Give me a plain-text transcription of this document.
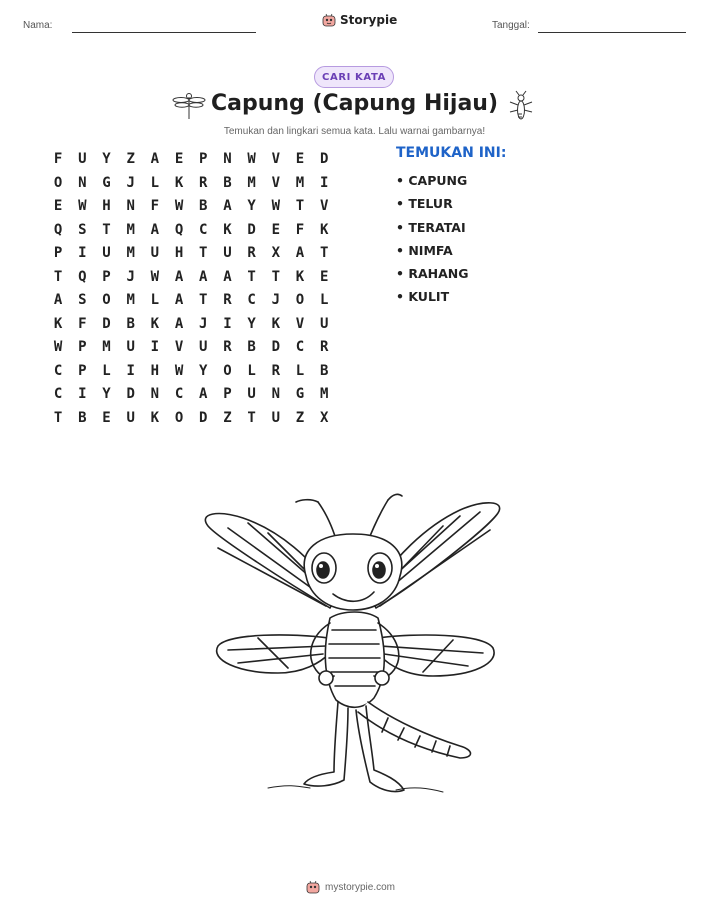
Nama:	Storypie	Tanggal:
CARI KATA
Capung (Capung Hijau)
Temukan dan lingkari semua kata. Lalu warnai gambarnya!
F	U	Y	Z	A	E	P	N	W	V	E	D
O	N	G	J	L	K	R	B	M	V	M	I
E	W	H	N	F	W	B	A	Y	W	T	V
Q	S	T	M	A	Q	C	K	D	E	F	K
P	I	U	M	U	H	T	U	R	X	A	T
T	Q	P	J	W	A	A	A	T	T	K	E
A	S	O	M	L	A	T	R	C	J	O	L
K	F	D	B	K	A	J	I	Y	K	V	U
W	P	M	U	I	V	U	R	B	D	C	R
C	P	L	I	H	W	Y	O	L	R	L	B
C	I	Y	D	N	C	A	P	U	N	G	M
T	B	E	U	K	O	D	Z	T	U	Z	X
TEMUKAN INI:
• CAPUNG
• TELUR
• TERATAI
• NIMFA
• RAHANG
• KULIT
mystorypie.com
